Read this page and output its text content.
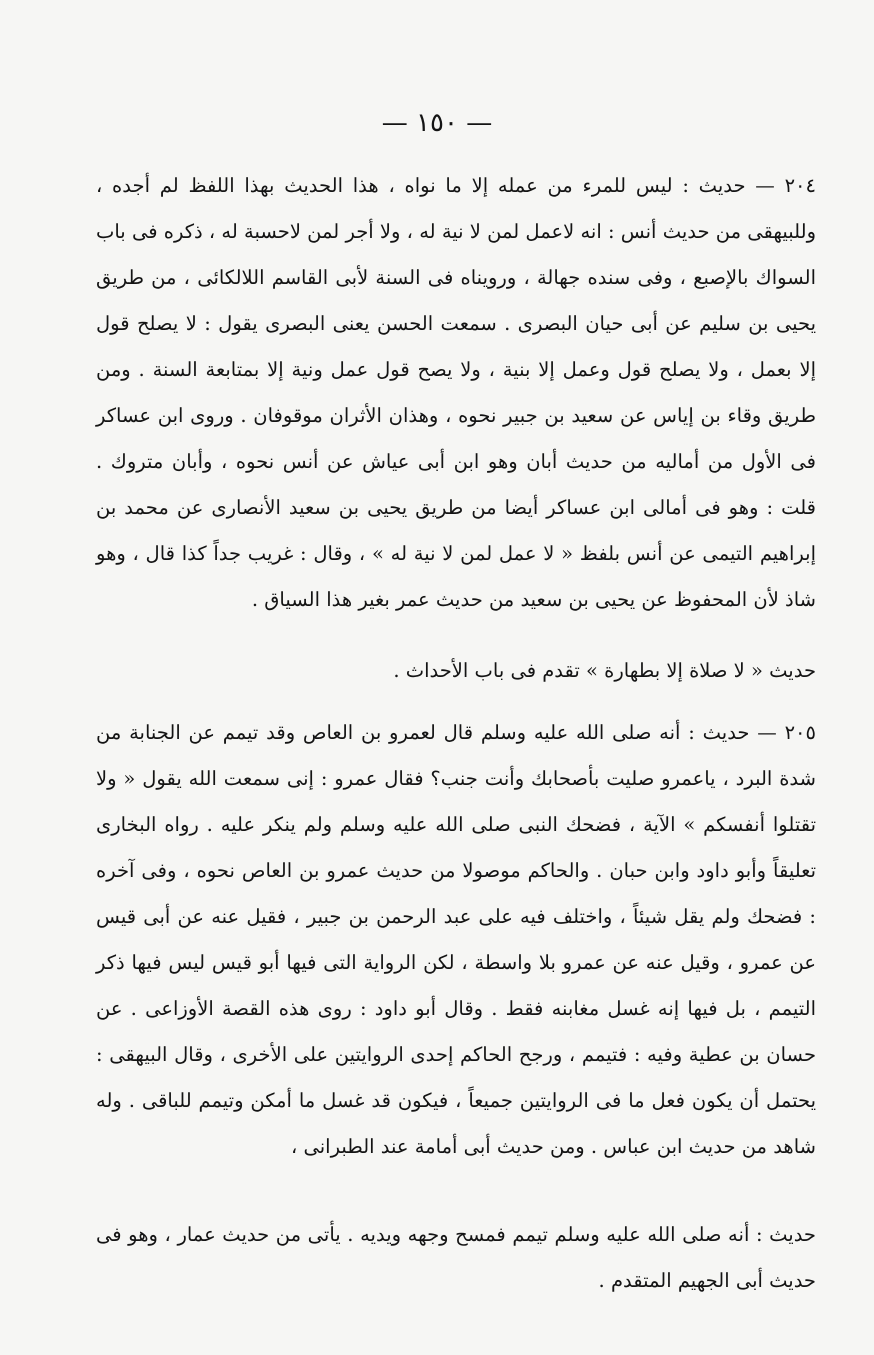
— ١٥٠ —

٢٠٤ — حديث : ليس للمرء من عمله إلا ما نواه ، هذا الحديث بهذا اللفظ لم أجده ، وللبيهقى من حديث أنس : انه لاعمل لمن لا نية له ، ولا أجر لمن لاحسبة له ، ذكره فى باب السواك بالإصبع ، وفى سنده جهالة ، ورويناه فى السنة لأبى القاسم اللالكائى ، من طريق يحيى بن سليم عن أبى حيان البصرى . سمعت الحسن يعنى البصرى يقول : لا يصلح قول إلا بعمل ، ولا يصلح قول وعمل إلا بنية ، ولا يصح قول عمل ونية إلا بمتابعة السنة . ومن طريق وقاء بن إياس عن سعيد بن جبير نحوه ، وهذان الأثران موقوفان . وروى ابن عساكر فى الأول من أماليه من حديث أبان وهو ابن أبى عياش عن أنس نحوه ، وأبان متروك . قلت : وهو فى أمالى ابن عساكر أيضا من طريق يحيى بن سعيد الأنصارى عن محمد بن إبراهيم التيمى عن أنس بلفظ « لا عمل لمن لا نية له » ، وقال : غريب جداً كذا قال ، وهو شاذ لأن المحفوظ عن يحيى بن سعيد من حديث عمر بغير هذا السياق .

حديث « لا صلاة إلا بطهارة » تقدم فى باب الأحداث .

٢٠٥ — حديث : أنه صلى الله عليه وسلم قال لعمرو بن العاص وقد تيمم عن الجنابة من شدة البرد ، ياعمرو صليت بأصحابك وأنت جنب؟ فقال عمرو : إنى سمعت الله يقول « ولا تقتلوا أنفسكم » الآية ، فضحك النبى صلى الله عليه وسلم ولم ينكر عليه . رواه البخارى تعليقاً وأبو داود وابن حبان . والحاكم موصولا من حديث عمرو بن العاص نحوه ، وفى آخره : فضحك ولم يقل شيئاً ، واختلف فيه على عبد الرحمن بن جبير ، فقيل عنه عن أبى قيس عن عمرو ، وقيل عنه عن عمرو بلا واسطة ، لكن الرواية التى فيها أبو قيس ليس فيها ذكر التيمم ، بل فيها إنه غسل مغابنه فقط . وقال أبو داود : روى هذه القصة الأوزاعى . عن حسان بن عطية وفيه : فتيمم ، ورجح الحاكم إحدى الروايتين على الأخرى ، وقال البيهقى : يحتمل أن يكون فعل ما فى الروايتين جميعاً ، فيكون قد غسل ما أمكن وتيمم للباقى . وله شاهد من حديث ابن عباس . ومن حديث أبى أمامة عند الطبرانى ،

حديث : أنه صلى الله عليه وسلم تيمم فمسح وجهه ويديه . يأتى من حديث عمار ، وهو فى حديث أبى الجهيم المتقدم .
